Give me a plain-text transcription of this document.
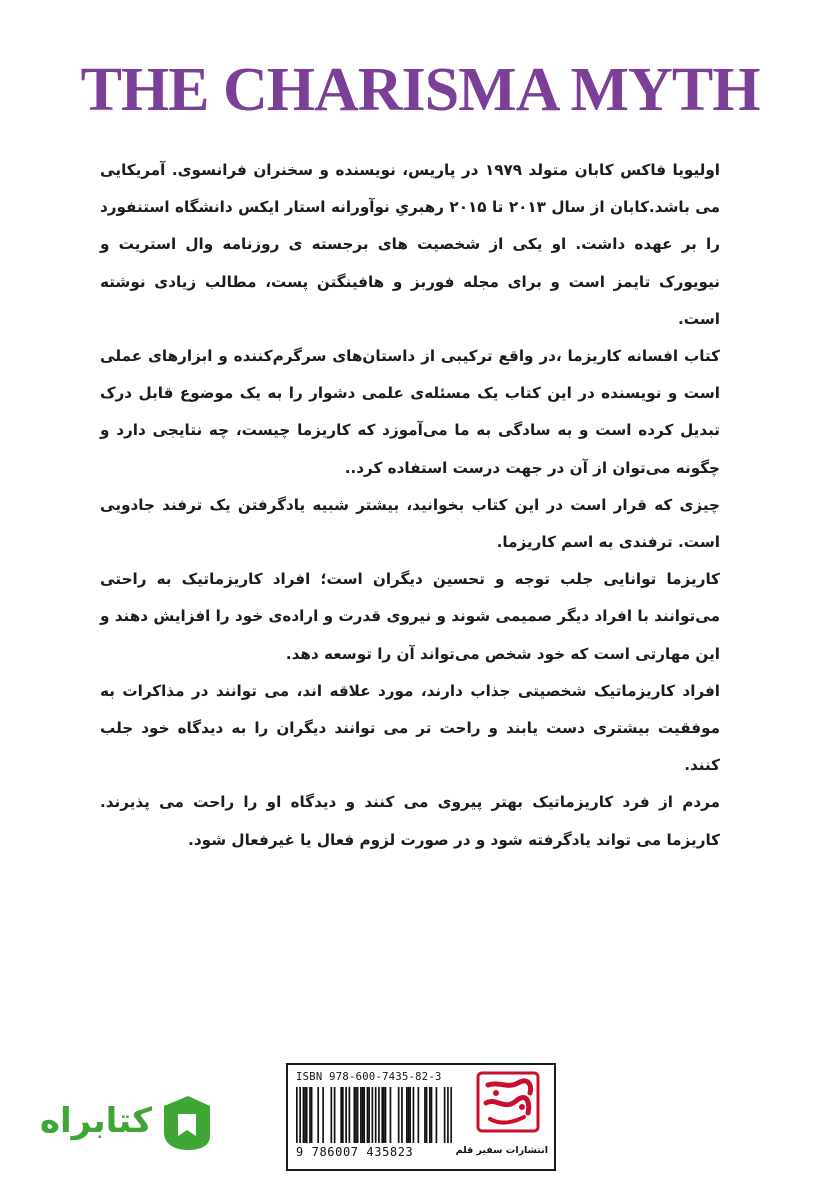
THE CHARISMA MYTH

اولیویا فاکس کابان متولد ۱۹۷۹ در پاریس، نویسنده و سخنران فرانسوی. آمریکایی می باشد.کابان از سال ۲۰۱۳ تا ۲۰۱۵ رهبریِ نوآورانه استار ایکس دانشگاه استنفورد را بر عهده داشت. او یکی از شخصیت های برجسته ی روزنامه وال استریت و نیویورک تایمز است و برای مجله فوربز و هافینگتن پست، مطالب زیادی نوشته است.

کتاب افسانه کاریزما ،در واقع ترکیبی از داستان‌های سرگرم‌کننده و ابزارهای عملی است و نویسنده در این کتاب یک مسئله‌ی علمی دشوار را به یک موضوع قابل درک تبدیل کرده است و به سادگی به ما می‌آموزد که کاریزما چیست، چه نتایجی دارد و چگونه می‌توان از آن در جهت درست استفاده کرد..

چیزی که قرار است در این کتاب بخوانید، بیشتر شبیه یادگرفتن یک ترفند جادویی است. ترفندی به اسم کاریزما.

کاریزما توانایی جلب توجه و تحسین دیگران است؛ افراد کاریزماتیک به راحتی می‌توانند با افراد دیگر صمیمی شوند و نیروی قدرت و اراده‌ی خود را افزایش دهند و این مهارتی است که خود شخص می‌تواند آن را توسعه دهد.

افراد کاریزماتیک شخصیتی جذاب دارند، مورد علاقه اند، می توانند در مذاکرات به موفقیت بیشتری دست یابند و راحت تر می توانند دیگران را به دیدگاه خود جلب کنند.

مردم از فرد کاریزماتیک بهتر پیروی می کنند و دیدگاه او را راحت می پذیرند. کاریزما می تواند یادگرفته شود و در صورت لزوم فعال یا غیرفعال شود.

ISBN 978-600-7435-82-3
9 786007 435823	انتشارات سفیر قلم
کتابراه
